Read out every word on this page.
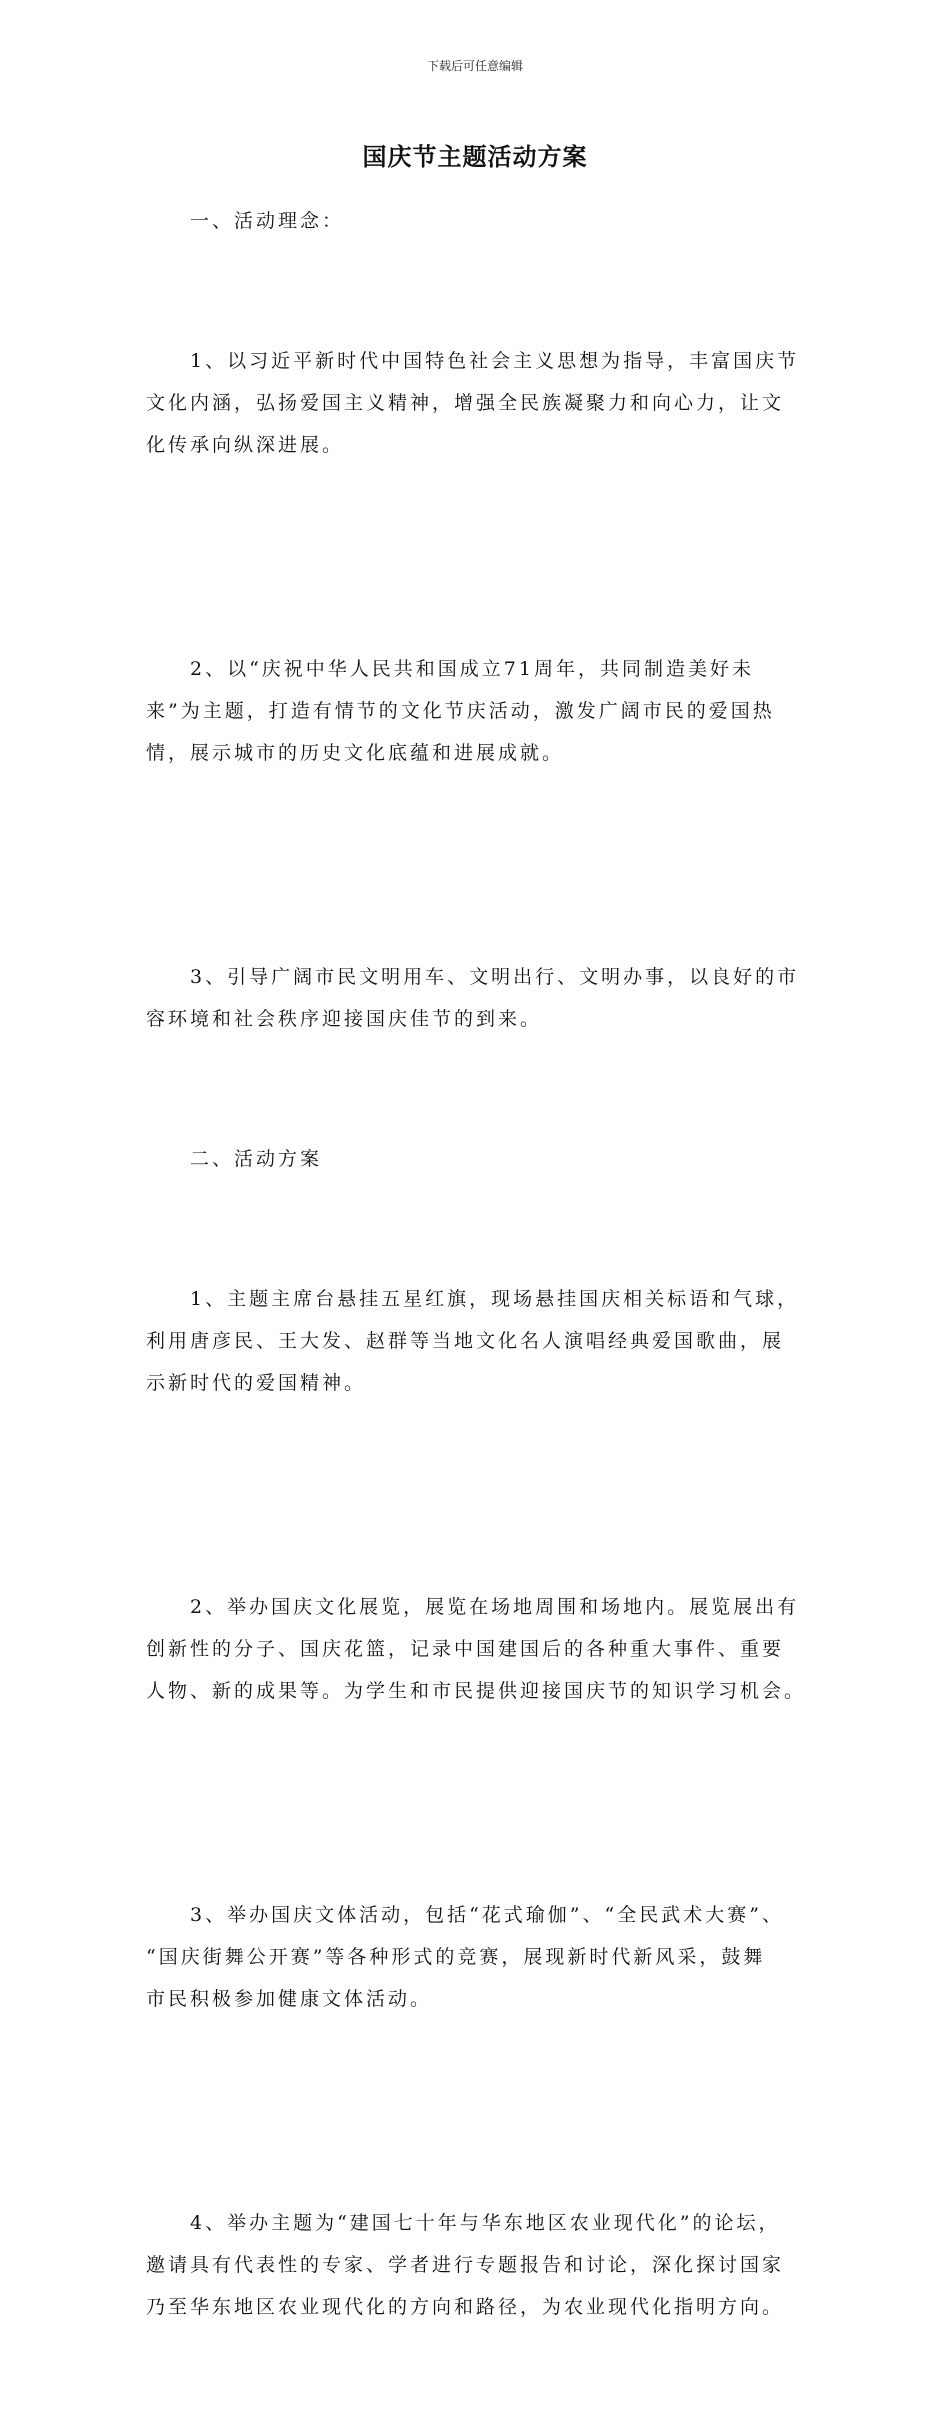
下载后可任意编辑

国庆节主题活动方案

一、活动理念：

1、以习近平新时代中国特色社会主义思想为指导，丰富国庆节
文化内涵，弘扬爱国主义精神，增强全民族凝聚力和向心力，让文
化传承向纵深进展。

2、以“庆祝中华人民共和国成立71周年，共同制造美好未
来”为主题，打造有情节的文化节庆活动，激发广阔市民的爱国热
情，展示城市的历史文化底蕴和进展成就。

3、引导广阔市民文明用车、文明出行、文明办事，以良好的市
容环境和社会秩序迎接国庆佳节的到来。

二、活动方案

1、主题主席台悬挂五星红旗，现场悬挂国庆相关标语和气球，
利用唐彦民、王大发、赵群等当地文化名人演唱经典爱国歌曲，展
示新时代的爱国精神。

2、举办国庆文化展览，展览在场地周围和场地内。展览展出有
创新性的分子、国庆花篮，记录中国建国后的各种重大事件、重要
人物、新的成果等。为学生和市民提供迎接国庆节的知识学习机会。

3、举办国庆文体活动，包括“花式瑜伽”、“全民武术大赛”、
“国庆街舞公开赛”等各种形式的竞赛，展现新时代新风采，鼓舞
市民积极参加健康文体活动。

4、举办主题为“建国七十年与华东地区农业现代化”的论坛，
邀请具有代表性的专家、学者进行专题报告和讨论，深化探讨国家
乃至华东地区农业现代化的方向和路径，为农业现代化指明方向。
